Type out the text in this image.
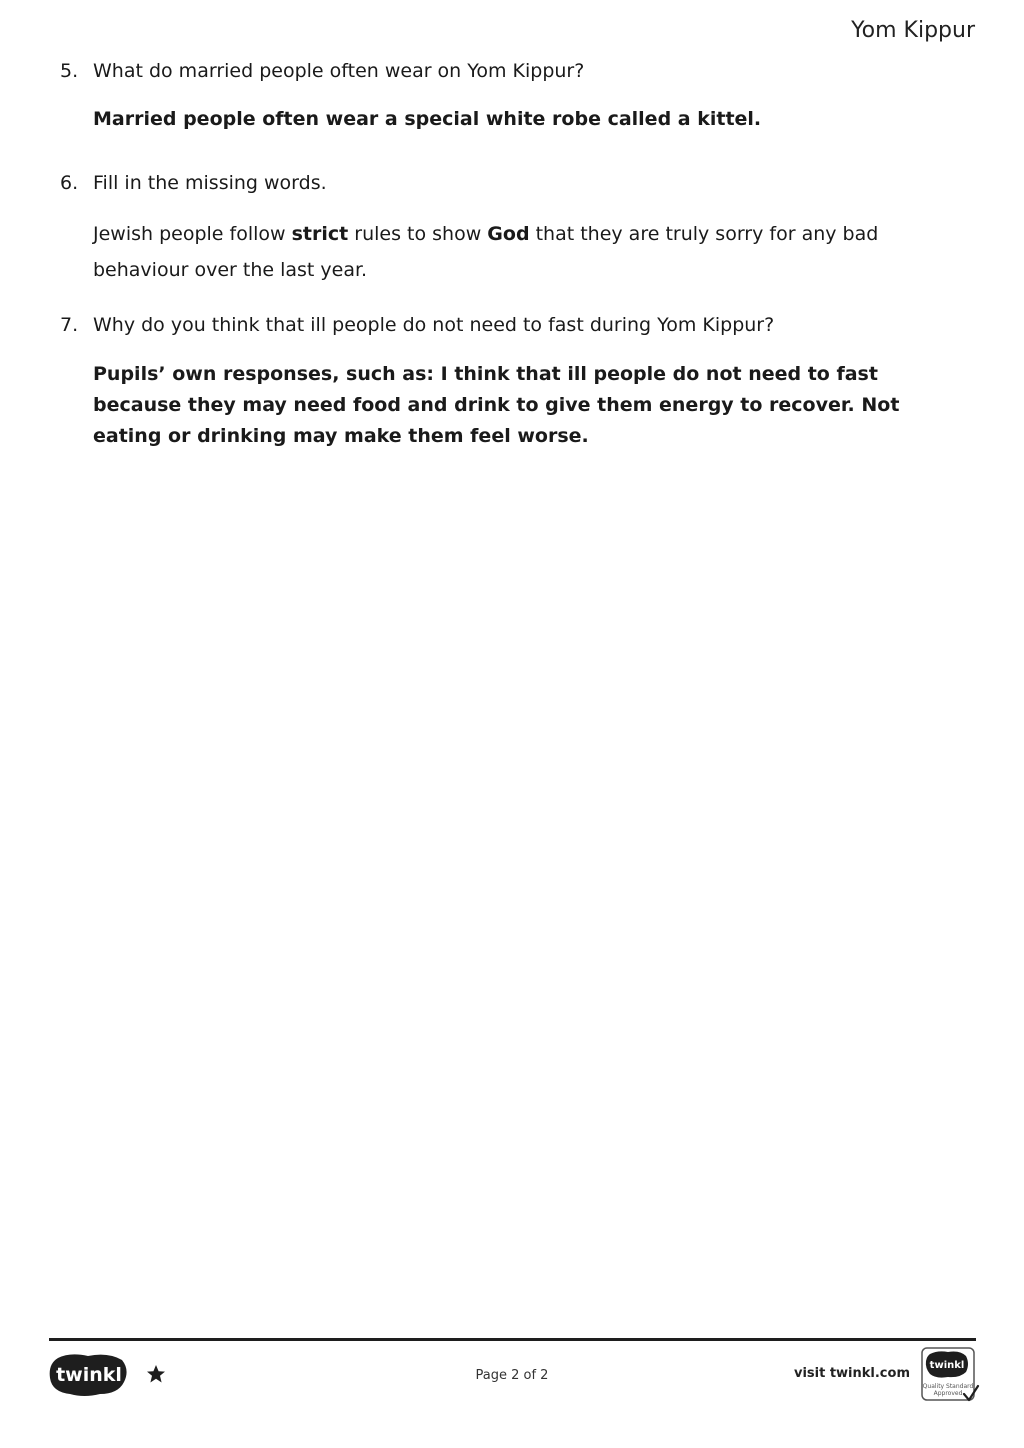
Yom Kippur
5. What do married people often wear on Yom Kippur?
Married people often wear a special white robe called a kittel.
6. Fill in the missing words.
Jewish people follow strict rules to show God that they are truly sorry for any bad behaviour over the last year.
7. Why do you think that ill people do not need to fast during Yom Kippur?
Pupils’ own responses, such as: I think that ill people do not need to fast because they may need food and drink to give them energy to recover. Not eating or drinking may make them feel worse.
twinkl	Page 2 of 2	visit twinkl.com
twinkl
Quality Standard
Approved
